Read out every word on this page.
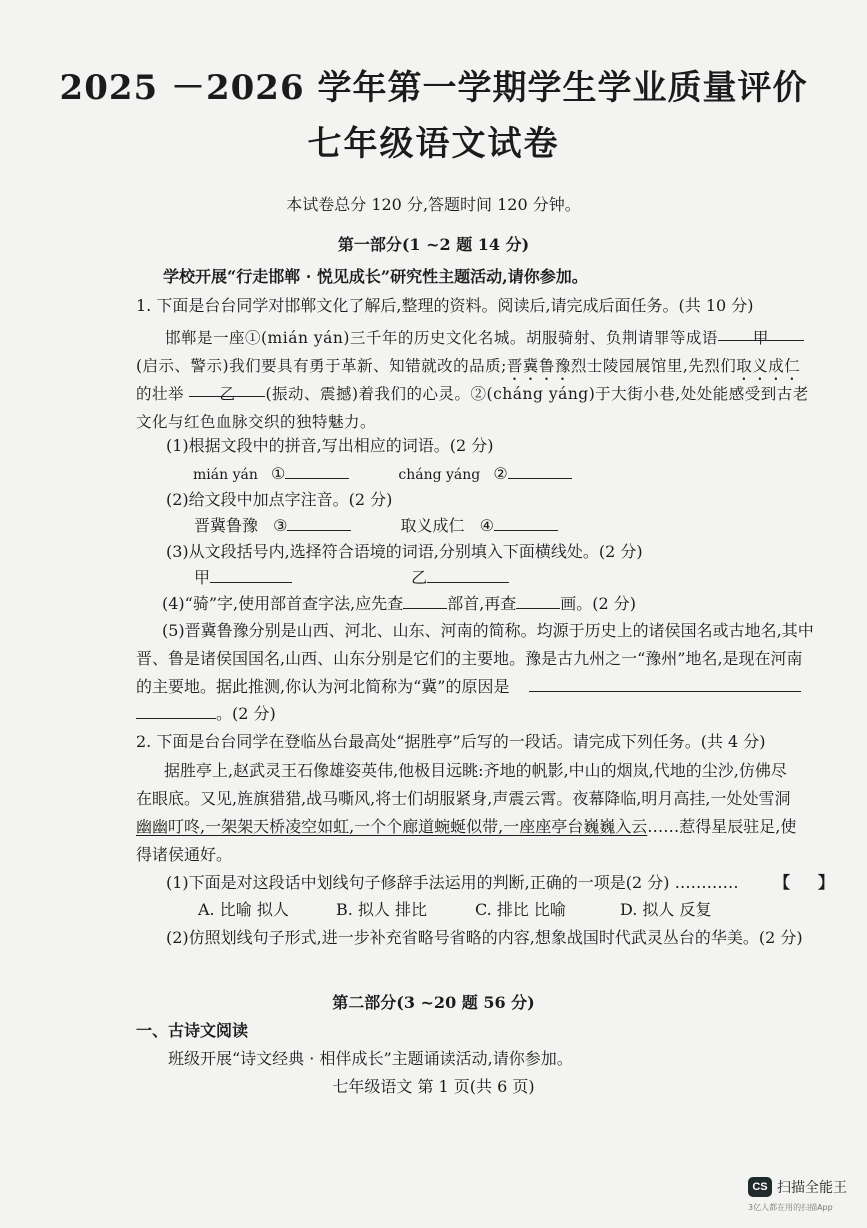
2025 －2026 学年第一学期学生学业质量评价
七年级语文试卷
本试卷总分 120 分,答题时间 120 分钟。
第一部分(1 ~2 题 14 分)
学校开展“行走邯郸 · 悦见成长”研究性主题活动,请你参加。
1. 下面是台台同学对邯郸文化了解后,整理的资料。阅读后,请完成后面任务。(共 10 分)
邯郸是一座①(mián yán)三千年的历史文化名城。胡服骑射、负荆请罪等成语 甲
(启示、警示)我们要具有勇于革新、知错就改的品质;晋冀鲁豫烈士陵园展馆里,先烈们取义成仁
的壮举 乙 (振动、震撼)着我们的心灵。②(cháng yáng)于大街小巷,处处能感受到古老
文化与红色血脉交织的独特魅力。
(1)根据文段中的拼音,写出相应的词语。(2 分)
mián yán ①	cháng yáng ②
(2)给文段中加点字注音。(2 分)
晋冀鲁豫 ③	取义成仁 ④
(3)从文段括号内,选择符合语境的词语,分别填入下面横线处。(2 分)
甲	乙
(4)“骑”字,使用部首查字法,应先查	部首,再查	画。(2 分)
(5)晋冀鲁豫分别是山西、河北、山东、河南的简称。均源于历史上的诸侯国名或古地名,其中
晋、鲁是诸侯国国名,山西、山东分别是它们的主要地。豫是古九州之一“豫州”地名,是现在河南
的主要地。据此推测,你认为河北简称为“冀”的原因是
。(2 分)
2. 下面是台台同学在登临丛台最高处“据胜亭”后写的一段话。请完成下列任务。(共 4 分)
据胜亭上,赵武灵王石像雄姿英伟,他极目远眺:齐地的帆影,中山的烟岚,代地的尘沙,仿佛尽
在眼底。又见,旌旗猎猎,战马嘶风,将士们胡服紧身,声震云霄。夜幕降临,明月高挂,一处处雪洞
幽幽叮咚,一架架天桥凌空如虹,一个个廊道蜿蜒似带,一座座亭台巍巍入云……惹得星辰驻足,使
得诸侯通好。
(1)下面是对这段话中划线句子修辞手法运用的判断,正确的一项是(2 分) ………… 【 】
A. 比喻 拟人	B. 拟人 排比	C. 排比 比喻	D. 拟人 反复
(2)仿照划线句子形式,进一步补充省略号省略的内容,想象战国时代武灵丛台的华美。(2 分)
第二部分(3 ~20 题 56 分)
一、古诗文阅读
班级开展“诗文经典 · 相伴成长”主题诵读活动,请你参加。
七年级语文 第 1 页(共 6 页)
CS 扫描全能王
3亿人都在用的扫描App
